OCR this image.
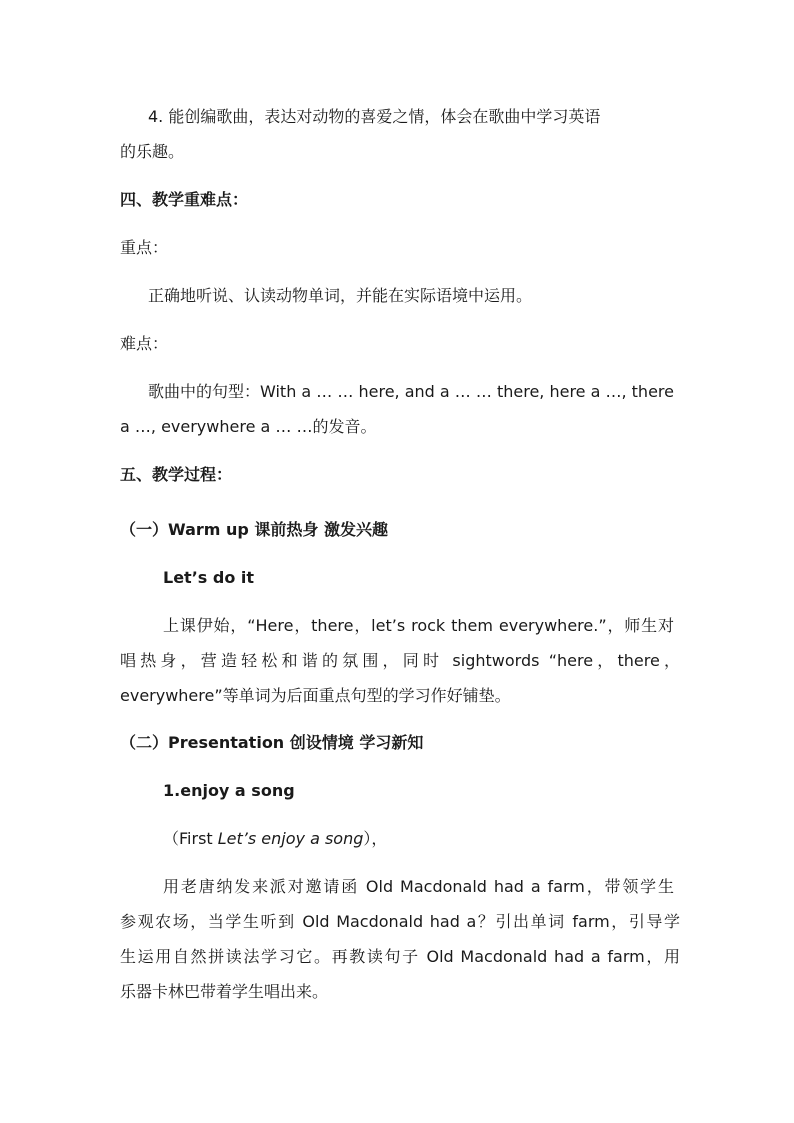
4. 能创编歌曲，表达对动物的喜爱之情，体会在歌曲中学习英语
的乐趣。
四、教学重难点：
重点：
正确地听说、认读动物单词，并能在实际语境中运用。
难点：
歌曲中的句型：With a … … here, and a … … there, here a …, there
a …, everywhere a … …的发音。
五、教学过程：
（一）Warm up 课前热身 激发兴趣
Let’s do it
上课伊始，“Here，there，let’s rock them everywhere.”，师生对
唱热身，营造轻松和谐的氛围，同时 sightwords “here，there，
everywhere”等单词为后面重点句型的学习作好铺垫。
（二）Presentation 创设情境 学习新知
1.enjoy a song
（First Let’s enjoy a song），
用老唐纳发来派对邀请函 Old Macdonald had a farm，带领学生
参观农场，当学生听到 Old Macdonald had a？引出单词 farm，引导学
生运用自然拼读法学习它。再教读句子 Old Macdonald had a farm，用
乐器卡林巴带着学生唱出来。
